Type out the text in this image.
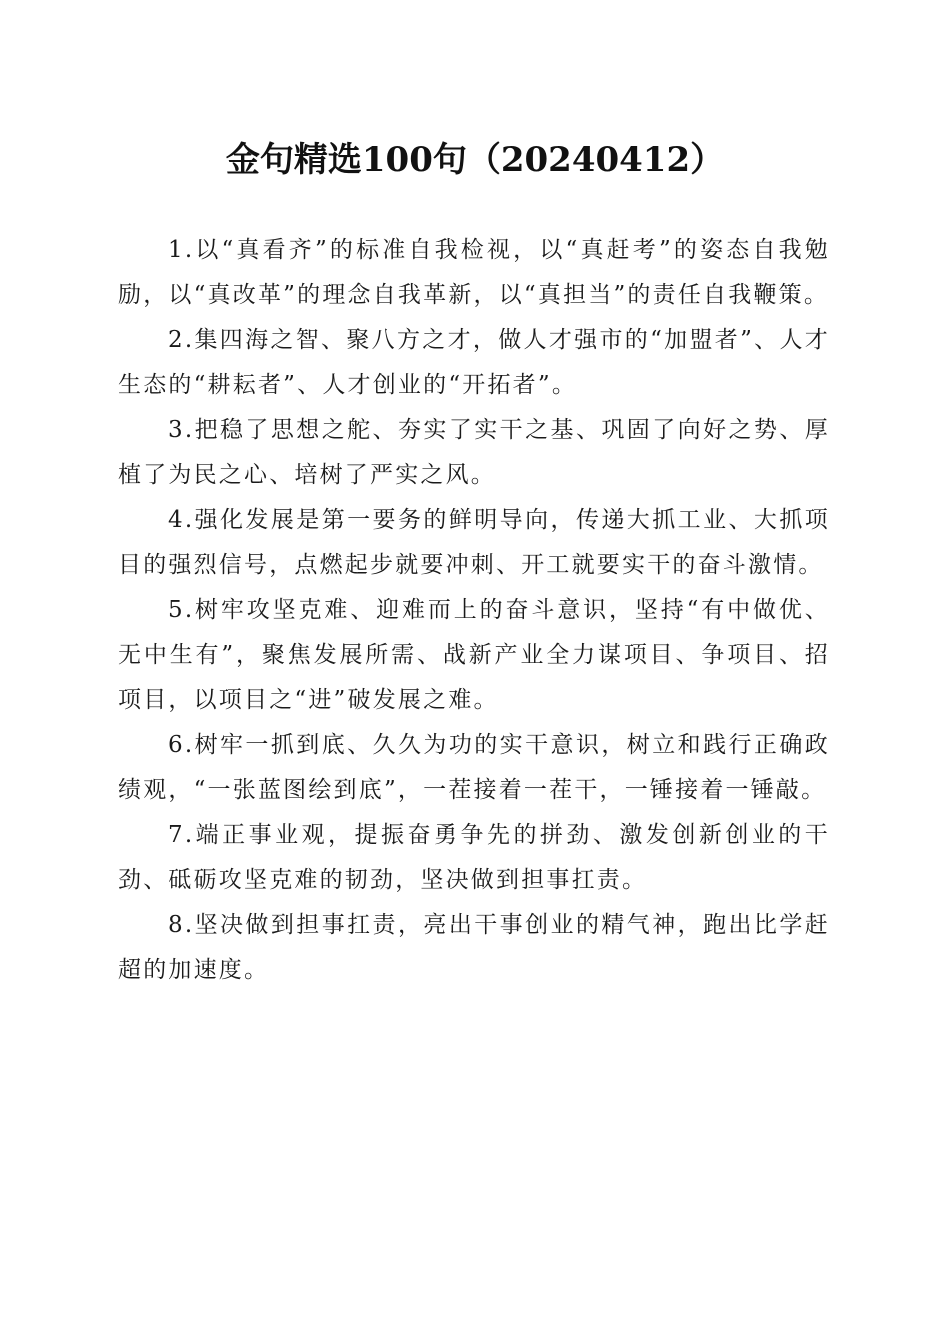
金句精选100句（20240412）

1.以“真看齐”的标准自我检视，以“真赶考”的姿态自我勉励，以“真改革”的理念自我革新，以“真担当”的责任自我鞭策。

2.集四海之智、聚八方之才，做人才强市的“加盟者”、人才生态的“耕耘者”、人才创业的“开拓者”。

3.把稳了思想之舵、夯实了实干之基、巩固了向好之势、厚植了为民之心、培树了严实之风。

4.强化发展是第一要务的鲜明导向，传递大抓工业、大抓项目的强烈信号，点燃起步就要冲刺、开工就要实干的奋斗激情。

5.树牢攻坚克难、迎难而上的奋斗意识，坚持“有中做优、无中生有”，聚焦发展所需、战新产业全力谋项目、争项目、招项目，以项目之“进”破发展之难。

6.树牢一抓到底、久久为功的实干意识，树立和践行正确政绩观，“一张蓝图绘到底”，一茬接着一茬干，一锤接着一锤敲。

7.端正事业观，提振奋勇争先的拼劲、激发创新创业的干劲、砥砺攻坚克难的韧劲，坚决做到担事扛责。

8.坚决做到担事扛责，亮出干事创业的精气神，跑出比学赶超的加速度。
